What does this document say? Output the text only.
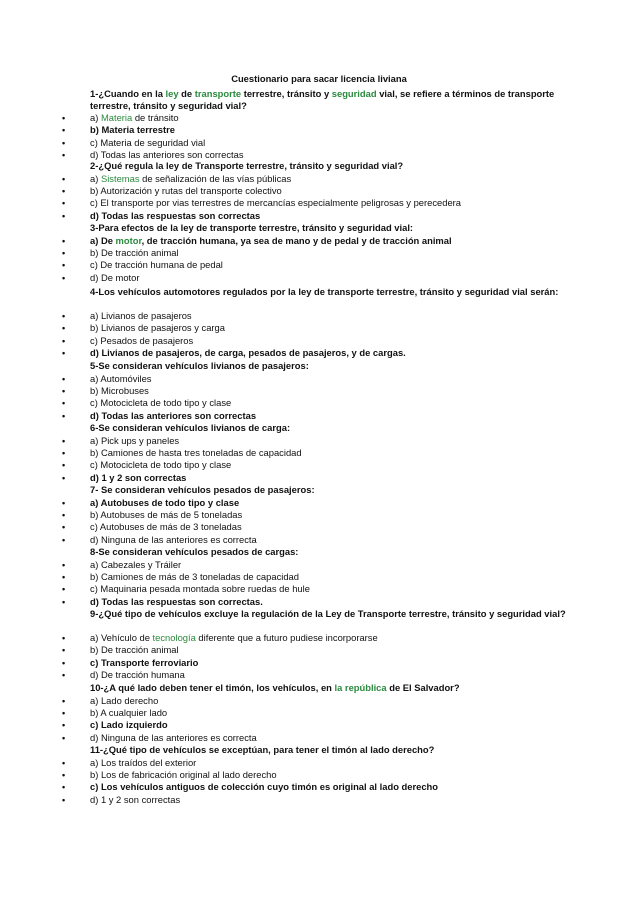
Cuestionario para sacar licencia liviana
1-¿Cuando en la ley de transporte terrestre, tránsito y seguridad vial, se refiere a términos de transporte terrestre, tránsito y seguridad vial?
•
a) Materia de tránsito
•
b) Materia terrestre
•
c) Materia de seguridad vial
•
d) Todas las anteriores son correctas
2-¿Qué regula la ley de Transporte terrestre, tránsito y seguridad vial?
•
a) Sistemas de señalización de las vías públicas
•
b) Autorización y rutas del transporte colectivo
•
c) El transporte por vias terrestres de mercancías especialmente peligrosas y perecedera
•
d) Todas las respuestas son correctas
3-Para efectos de la ley de transporte terrestre, tránsito y seguridad vial:
•
a) De motor, de tracción humana, ya sea de mano y de pedal y de tracción animal
•
b) De tracción animal
•
c) De tracción humana de pedal
•
d) De motor
4-Los vehículos automotores regulados por la ley de transporte terrestre, tránsito y seguridad vial serán:
•
a) Livianos de pasajeros
•
b) Livianos de pasajeros y carga
•
c) Pesados de pasajeros
•
d) Livianos de pasajeros, de carga, pesados de pasajeros, y de cargas.
5-Se consideran vehículos livianos de pasajeros:
•
a) Automóviles
•
b) Microbuses
•
c) Motocicleta de todo tipo y clase
•
d) Todas las anteriores son correctas
6-Se consideran vehículos livianos de carga:
•
a) Pick ups y paneles
•
b) Camiones de hasta tres toneladas de capacidad
•
c) Motocicleta de todo tipo y clase
•
d) 1 y 2 son correctas
7- Se consideran vehículos pesados de pasajeros:
•
a) Autobuses de todo tipo y clase
•
b) Autobuses de más de 5 toneladas
•
c) Autobuses de más de 3 toneladas
•
d) Ninguna de las anteriores es correcta
8-Se consideran vehículos pesados de cargas:
•
a) Cabezales y Tráiler
•
b) Camiones de más de 3 toneladas de capacidad
•
c) Maquinaria pesada montada sobre ruedas de hule
•
d) Todas las respuestas son correctas.
9-¿Qué tipo de vehículos excluye la regulación de la Ley de Transporte terrestre, tránsito y seguridad vial?
•
a) Vehículo de tecnología diferente que a futuro pudiese incorporarse
•
b) De tracción animal
•
c) Transporte ferroviario
•
d) De tracción humana
10-¿A qué lado deben tener el timón, los vehículos, en la república de El Salvador?
•
a) Lado derecho
•
b) A cualquier lado
•
c) Lado izquierdo
•
d) Ninguna de las anteriores es correcta
11-¿Qué tipo de vehículos se exceptúan, para tener el timón al lado derecho?
•
a) Los traídos del exterior
•
b) Los de fabricación original al lado derecho
•
c) Los vehículos antiguos de colección cuyo timón es original al lado derecho
•
d) 1 y 2 son correctas
